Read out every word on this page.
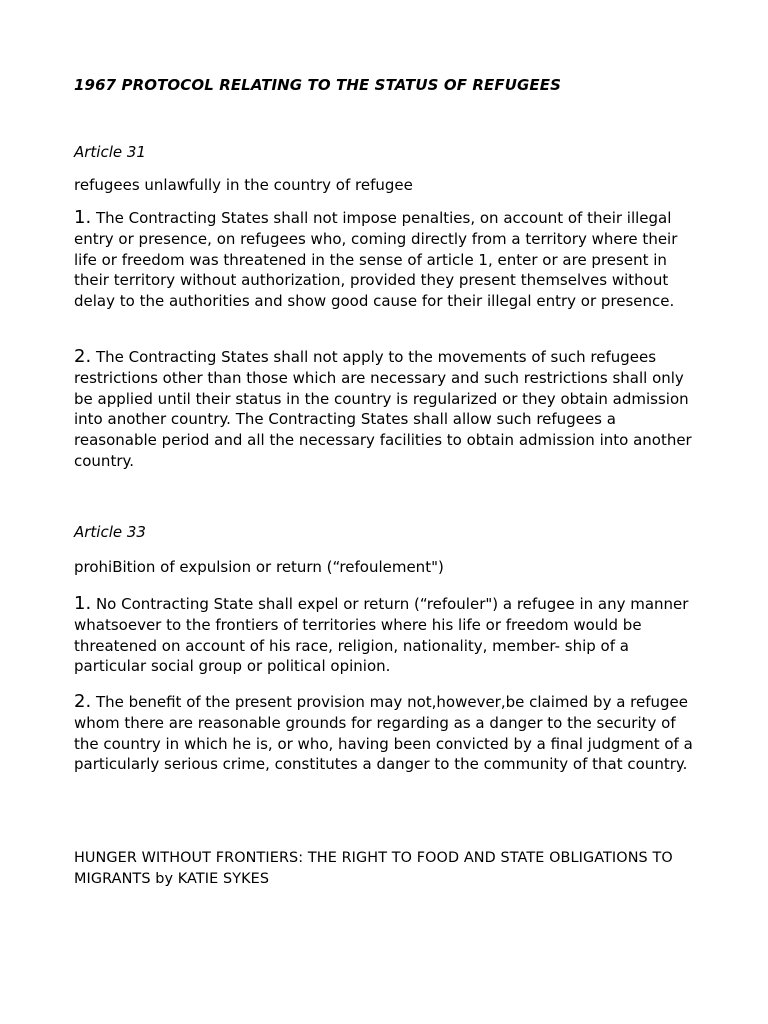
1967 PROTOCOL RELATING TO THE STATUS OF REFUGEES
Article 31
refugees unlawfully in the country of refugee

1. The Contracting States shall not impose penalties, on account of their illegal entry or presence, on refugees who, coming directly from a territory where their life or freedom was threatened in the sense of article 1, enter or are present in their territory without authorization, provided they present themselves without delay to the authorities and show good cause for their illegal entry or presence.

2. The Contracting States shall not apply to the movements of such refugees restrictions other than those which are necessary and such restrictions shall only be applied until their status in the country is regularized or they obtain admission into another country. The Contracting States shall allow such refugees a reasonable period and all the necessary facilities to obtain admission into another country.

Article 33
prohiBition of expulsion or return (“refoulement")

1. No Contracting State shall expel or return (“refouler") a refugee in any manner whatsoever to the frontiers of territories where his life or freedom would be threatened on account of his race, religion, nationality, member- ship of a particular social group or political opinion.

2. The benefit of the present provision may not,however,be claimed by a refugee whom there are reasonable grounds for regarding as a danger to the security of the country in which he is, or who, having been convicted by a final judgment of a particularly serious crime, constitutes a danger to the community of that country.

HUNGER WITHOUT FRONTIERS: THE RIGHT TO FOOD AND STATE OBLIGATIONS TO MIGRANTS by KATIE SYKES
